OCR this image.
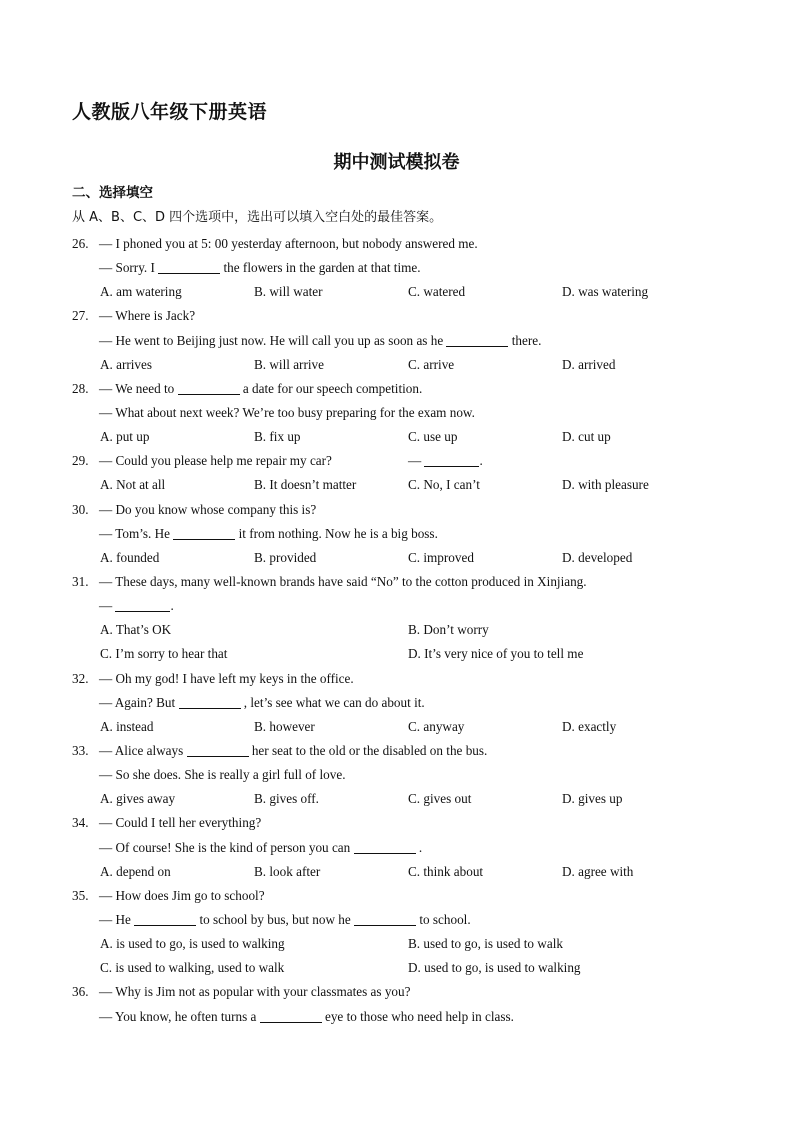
人教版八年级下册英语
期中测试模拟卷
二、选择填空
从 A、B、C、D 四个选项中，选出可以填入空白处的最佳答案。
26. — I phoned you at 5: 00 yesterday afternoon, but nobody answered me.
— Sorry. I	the flowers in the garden at that time.
A. am watering	B. will water	C. watered	D. was watering
27. — Where is Jack?
— He went to Beijing just now. He will call you up as soon as he	there.
A. arrives	B. will arrive	C. arrive	D. arrived
28. — We need to	a date for our speech competition.
— What about next week? We’re too busy preparing for the exam now.
A. put up	B. fix up	C. use up	D. cut up
29. — Could you please help me repair my car?	—	.
A. Not at all	B. It doesn’t matter	C. No, I can’t	D. with pleasure
30. — Do you know whose company this is?
— Tom’s. He	it from nothing. Now he is a big boss.
A. founded	B. provided	C. improved	D. developed
31. — These days, many well-known brands have said “No” to the cotton produced in Xinjiang.
—	.
A. That’s OK	B. Don’t worry
C. I’m sorry to hear that	D. It’s very nice of you to tell me
32. — Oh my god! I have left my keys in the office.
— Again? But	, let’s see what we can do about it.
A. instead	B. however	C. anyway	D. exactly
33. — Alice always	her seat to the old or the disabled on the bus.
— So she does. She is really a girl full of love.
A. gives away	B. gives off.	C. gives out	D. gives up
34. — Could I tell her everything?
— Of course! She is the kind of person you can	.
A. depend on	B. look after	C. think about	D. agree with
35. — How does Jim go to school?
— He	to school by bus, but now he	to school.
A. is used to go, is used to walking	B. used to go, is used to walk
C. is used to walking, used to walk	D. used to go, is used to walking
36. — Why is Jim not as popular with your classmates as you?
— You know, he often turns a	eye to those who need help in class.
